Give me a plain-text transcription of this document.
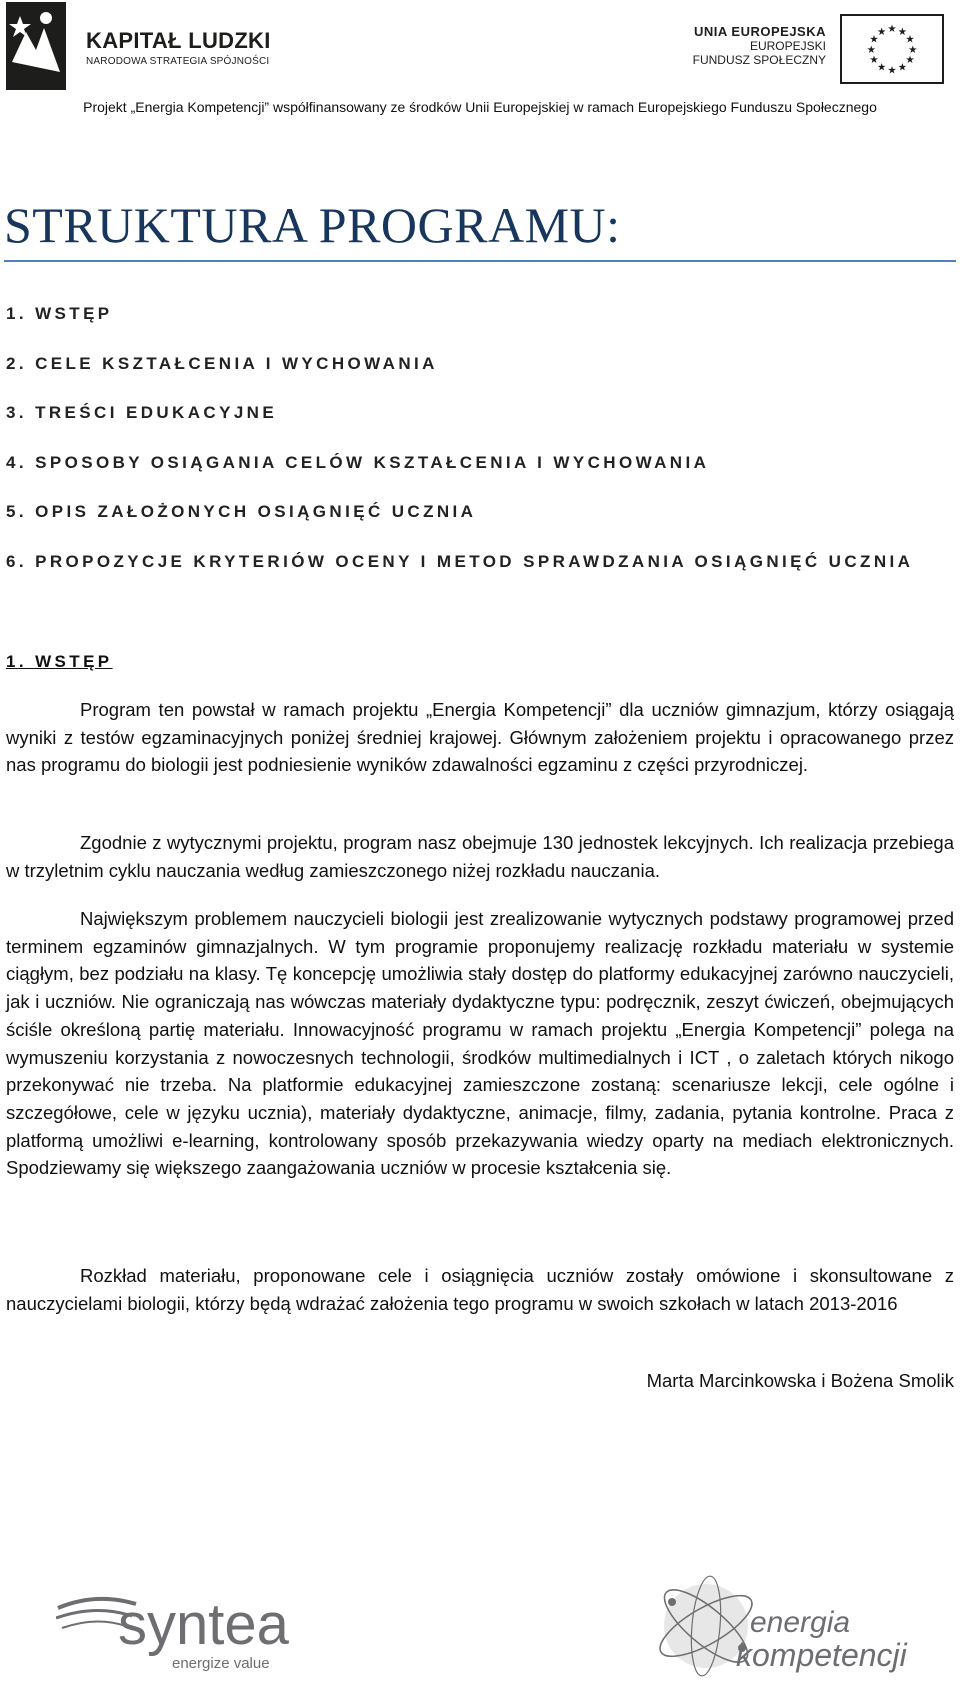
KAPITAŁ LUDZKI
NARODOWA STRATEGIA SPÓJNOŚCI
UNIA EUROPEJSKA
EUROPEJSKI
FUNDUSZ SPOŁECZNY
★
★
★
★
★
★
★
★
★ ★ ★
★
Projekt „Energia Kompetencji” współfinansowany ze środków Unii Europejskiej w ramach Europejskiego Funduszu Społecznego
STRUKTURA PROGRAMU:
1. WSTĘP
2. CELE KSZTAŁCENIA I WYCHOWANIA
3. TREŚCI EDUKACYJNE
4. SPOSOBY OSIĄGANIA CELÓW KSZTAŁCENIA I WYCHOWANIA
5. OPIS ZAŁOŻONYCH OSIĄGNIĘĆ UCZNIA
6. PROPOZYCJE KRYTERIÓW OCENY I METOD SPRAWDZANIA OSIĄGNIĘĆ UCZNIA
1. WSTĘP

Program ten powstał w ramach projektu „Energia Kompetencji” dla uczniów gimnazjum, którzy osiągają wyniki z testów egzaminacyjnych poniżej średniej krajowej. Głównym założeniem projektu i opracowanego przez nas programu do biologii jest podniesienie wyników zdawalności egzaminu z części przyrodniczej.

Zgodnie z wytycznymi projektu, program nasz obejmuje 130 jednostek lekcyjnych. Ich realizacja przebiega w trzyletnim cyklu nauczania według zamieszczonego niżej rozkładu nauczania.

Największym problemem nauczycieli biologii jest zrealizowanie wytycznych podstawy programowej przed terminem egzaminów gimnazjalnych. W tym programie proponujemy realizację rozkładu materiału w systemie ciągłym, bez podziału na klasy. Tę koncepcję umożliwia stały dostęp do platformy edukacyjnej zarówno nauczycieli, jak i uczniów. Nie ograniczają nas wówczas materiały dydaktyczne typu: podręcznik, zeszyt ćwiczeń, obejmujących ściśle określoną partię materiału. Innowacyjność programu w ramach projektu „Energia Kompetencji” polega na wymuszeniu korzystania z nowoczesnych technologii, środków multimedialnych i ICT , o zaletach których nikogo przekonywać nie trzeba. Na platformie edukacyjnej zamieszczone zostaną: scenariusze lekcji, cele ogólne i szczegółowe, cele w języku ucznia), materiały dydaktyczne, animacje, filmy, zadania, pytania kontrolne. Praca z platformą umożliwi e-learning, kontrolowany sposób przekazywania wiedzy oparty na mediach elektronicznych. Spodziewamy się większego zaangażowania uczniów w procesie kształcenia się.

Rozkład materiału, proponowane cele i osiągnięcia uczniów zostały omówione i skonsultowane z nauczycielami biologii, którzy będą wdrażać założenia tego programu w swoich szkołach w latach 2013-2016

Marta Marcinkowska i Bożena Smolik
syntea
energize value
energia
kompetencji
